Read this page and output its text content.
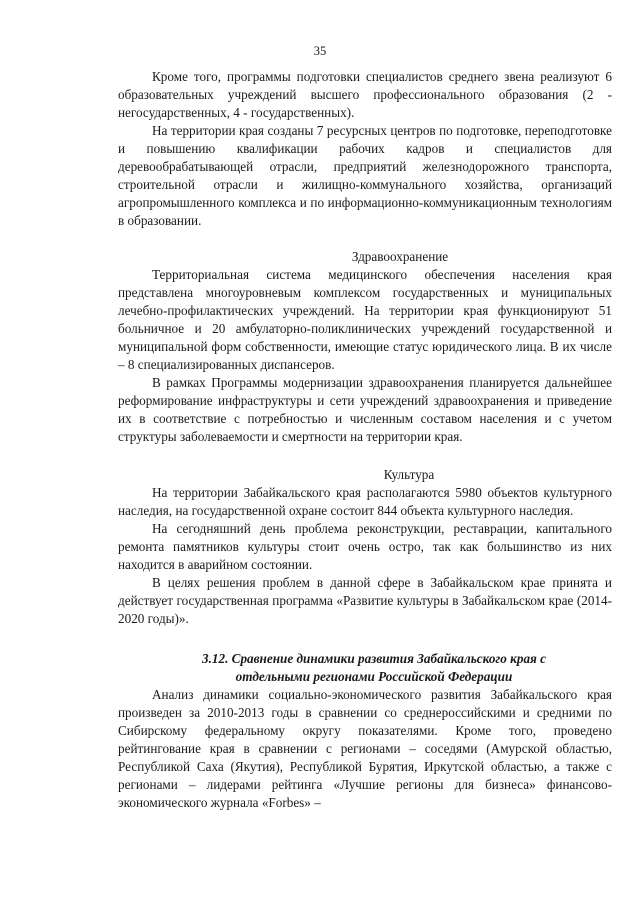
35

Кроме того, программы подготовки специалистов среднего звена реализуют 6 образовательных учреждений высшего профессионального образования (2 - негосударственных, 4 - государственных).

На территории края созданы 7 ресурсных центров по подготовке, переподготовке и повышению квалификации рабочих кадров и специалистов для деревообрабатывающей отрасли, предприятий железнодорожного транспорта, строительной отрасли и жилищно-коммунального хозяйства, организаций агропромышленного комплекса и по информационно-коммуникационным технологиям в образовании.

Здравоохранение

Территориальная система медицинского обеспечения населения края представлена многоуровневым комплексом государственных и муниципальных лечебно-профилактических учреждений. На территории края функционируют 51 больничное и 20 амбулаторно-поликлинических учреждений государственной и муниципальной форм собственности, имеющие статус юридического лица. В их числе – 8 специализированных диспансеров.

В рамках Программы модернизации здравоохранения планируется дальнейшее реформирование инфраструктуры и сети учреждений здравоохранения и приведение их в соответствие с потребностью и численным составом населения и с учетом структуры заболеваемости и смертности на территории края.

Культура

На территории Забайкальского края располагаются 5980 объектов культурного наследия, на государственной охране состоит 844 объекта культурного наследия.

На сегодняшний день проблема реконструкции, реставрации, капитального ремонта памятников культуры стоит очень остро, так как большинство из них находится в аварийном состоянии.

В целях решения проблем в данной сфере в Забайкальском крае принята и действует государственная программа «Развитие культуры в Забайкальском крае (2014-2020 годы)».

3.12. Сравнение динамики развития Забайкальского края с
отдельными регионами Российской Федерации

Анализ динамики социально-экономического развития Забайкальского края произведен за 2010-2013 годы в сравнении со среднероссийскими и средними по Сибирскому федеральному округу показателями. Кроме того, проведено рейтингование края в сравнении с регионами – соседями (Амурской областью, Республикой Саха (Якутия), Республикой Бурятия, Иркутской областью, а также с регионами – лидерами рейтинга «Лучшие регионы для бизнеса» финансово-экономического журнала «Forbes» –
